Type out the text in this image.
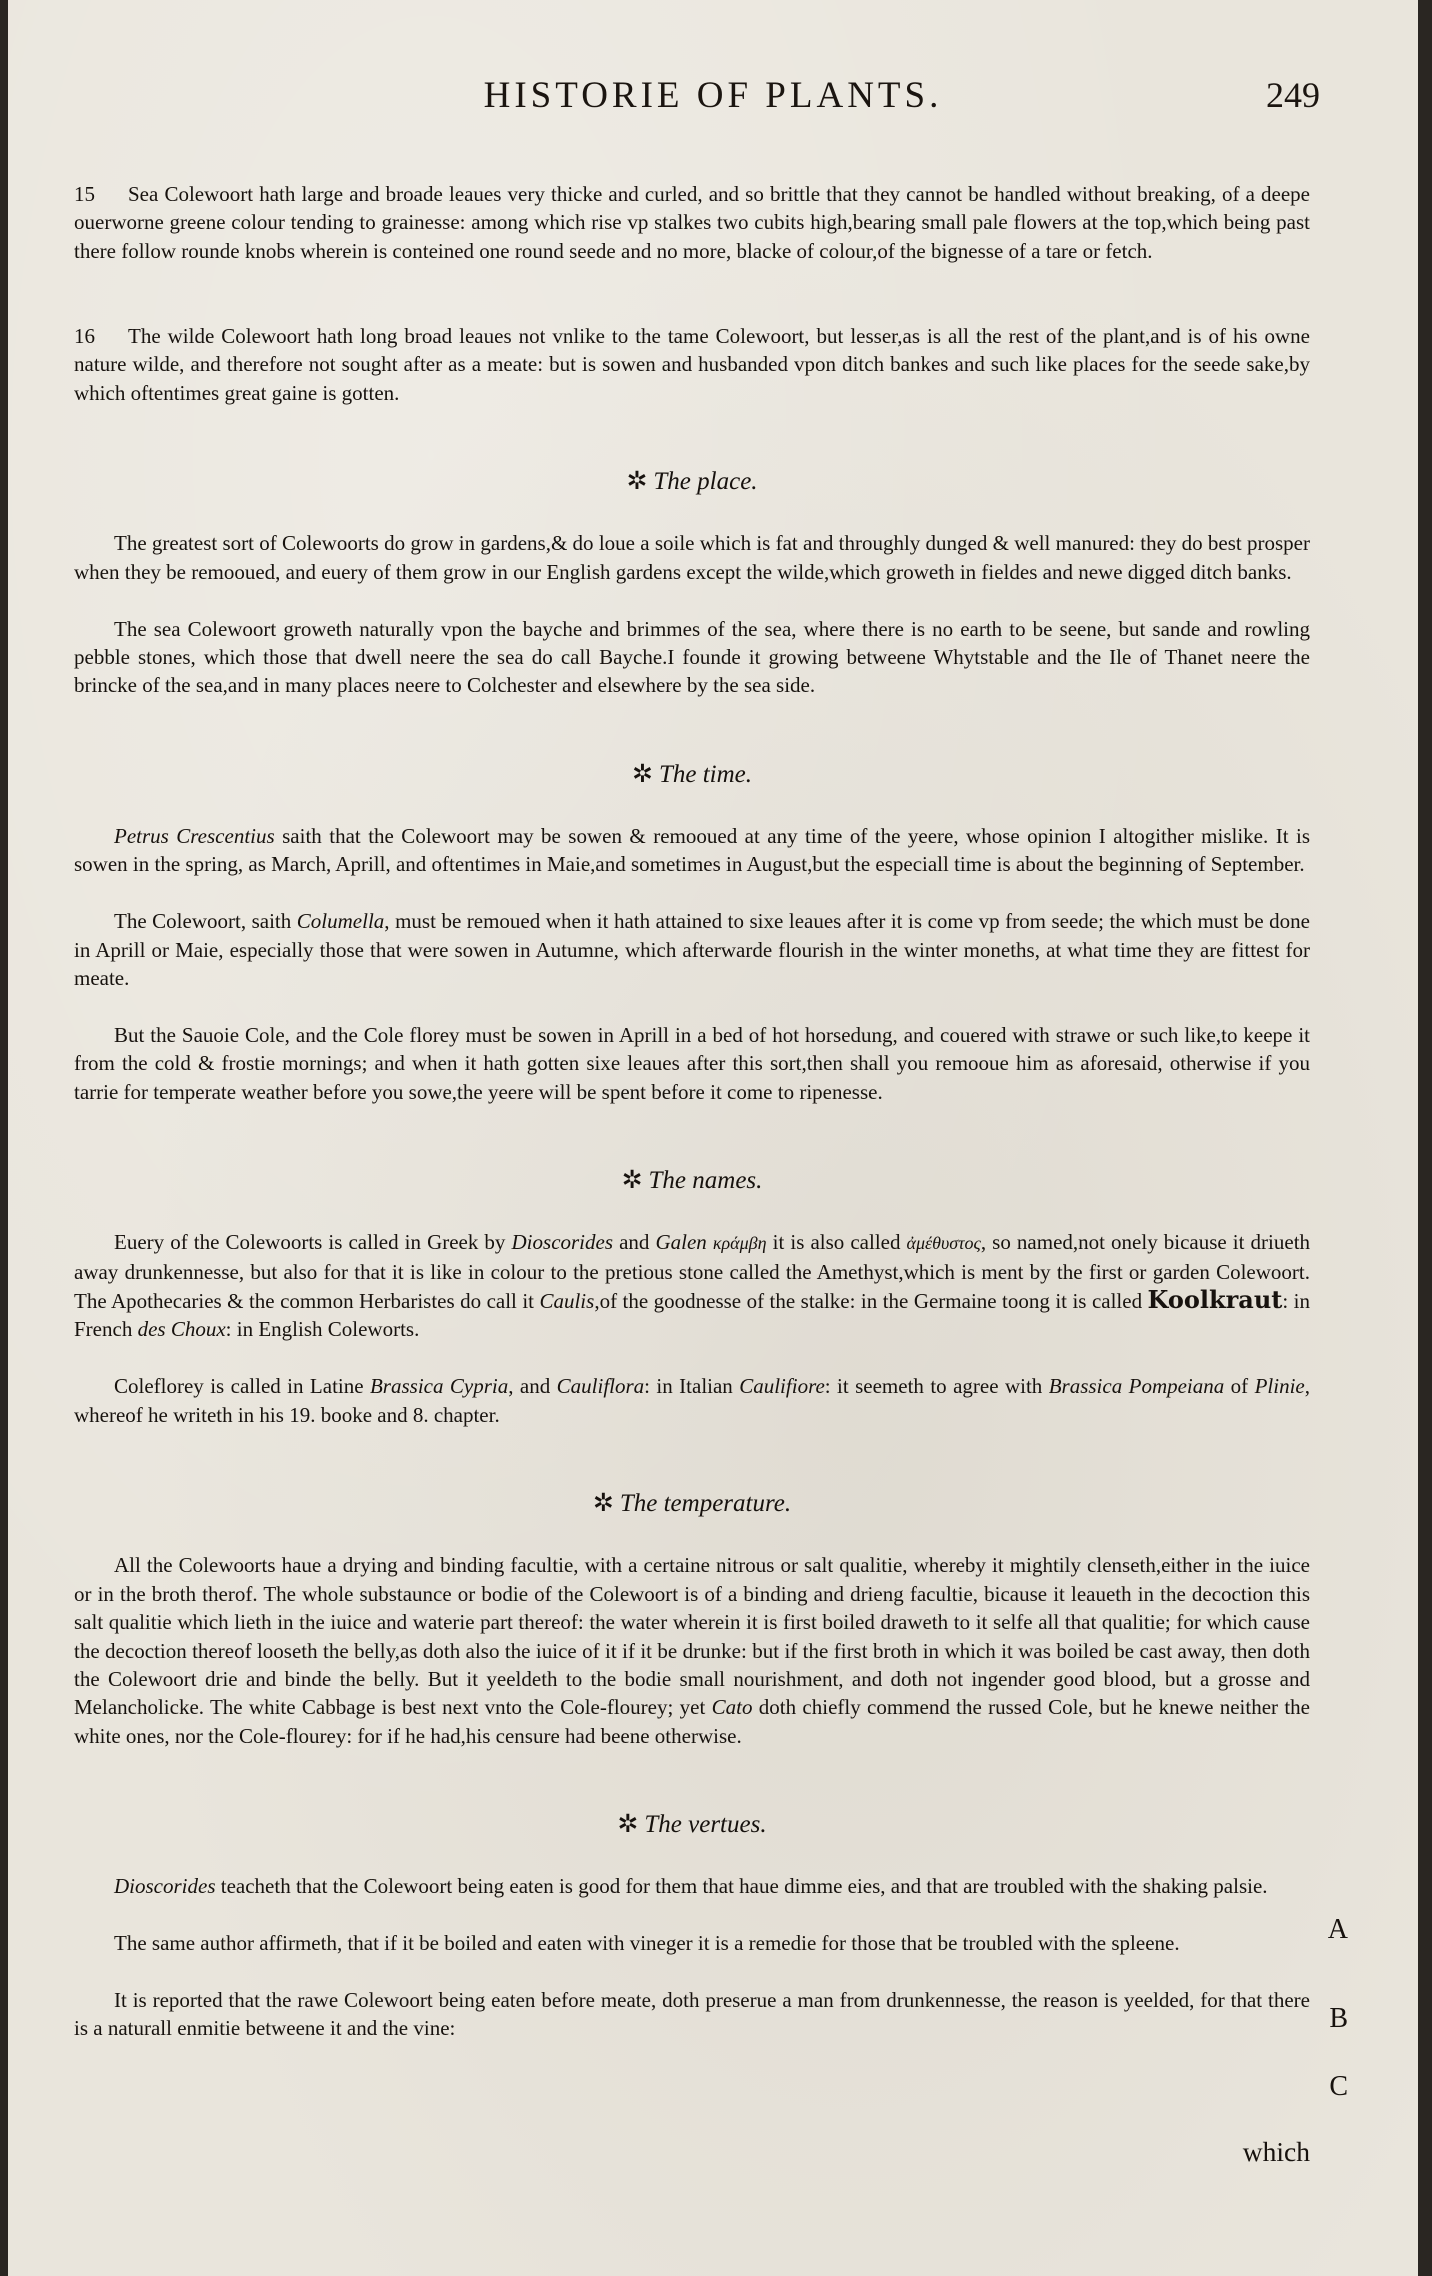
HISTORIE OF PLANTS.	249

15 Sea Colewoort hath large and broade leaues very thicke and curled, and so brittle that they cannot be handled without breaking, of a deepe ouerworne greene colour tending to grainesse: among which rise vp stalkes two cubits high,bearing small pale flowers at the top,which being past there follow rounde knobs wherein is conteined one round seede and no more, blacke of colour,of the bignesse of a tare or fetch.

16 The wilde Colewoort hath long broad leaues not vnlike to the tame Colewoort, but lesser,as is all the rest of the plant,and is of his owne nature wilde, and therefore not sought after as a meate: but is sowen and husbanded vpon ditch bankes and such like places for the seede sake,by which oftentimes great gaine is gotten.

✲ The place.

The greatest sort of Colewoorts do grow in gardens,& do loue a soile which is fat and throughly dunged & well manured: they do best prosper when they be remooued, and euery of them grow in our English gardens except the wilde,which groweth in fieldes and newe digged ditch banks.

The sea Colewoort groweth naturally vpon the bayche and brimmes of the sea, where there is no earth to be seene, but sande and rowling pebble stones, which those that dwell neere the sea do call Bayche.I founde it growing betweene Whytstable and the Ile of Thanet neere the brincke of the sea,and in many places neere to Colchester and elsewhere by the sea side.

✲ The time.

Petrus Crescentius saith that the Colewoort may be sowen & remooued at any time of the yeere, whose opinion I altogither mislike. It is sowen in the spring, as March, Aprill, and oftentimes in Maie,and sometimes in August,but the especiall time is about the beginning of September.

The Colewoort, saith Columella, must be remoued when it hath attained to sixe leaues after it is come vp from seede; the which must be done in Aprill or Maie, especially those that were sowen in Autumne, which afterwarde flourish in the winter moneths, at what time they are fittest for meate.

But the Sauoie Cole, and the Cole florey must be sowen in Aprill in a bed of hot horsedung, and couered with strawe or such like,to keepe it from the cold & frostie mornings; and when it hath gotten sixe leaues after this sort,then shall you remooue him as aforesaid, otherwise if you tarrie for temperate weather before you sowe,the yeere will be spent before it come to ripenesse.

✲ The names.

Euery of the Colewoorts is called in Greek by Dioscorides and Galen κράμβη it is also called ἀμέθυστος, so named,not onely bicause it driueth away drunkennesse, but also for that it is like in colour to the pretious stone called the Amethyst,which is ment by the first or garden Colewoort. The Apothecaries & the common Herbaristes do call it Caulis,of the goodnesse of the stalke: in the Germaine toong it is called Koolkraut: in French des Choux: in English Coleworts.

Coleflorey is called in Latine Brassica Cypria, and Cauliflora: in Italian Caulifiore: it seemeth to agree with Brassica Pompeiana of Plinie, whereof he writeth in his 19. booke and 8. chapter.

✲ The temperature.

All the Colewoorts haue a drying and binding facultie, with a certaine nitrous or salt qualitie, whereby it mightily clenseth,either in the iuice or in the broth therof. The whole substaunce or bodie of the Colewoort is of a binding and drieng facultie, bicause it leaueth in the decoction this salt qualitie which lieth in the iuice and waterie part thereof: the water wherein it is first boiled draweth to it selfe all that qualitie; for which cause the decoction thereof looseth the belly,as doth also the iuice of it if it be drunke: but if the first broth in which it was boiled be cast away, then doth the Colewoort drie and binde the belly. But it yeeldeth to the bodie small nourishment, and doth not ingender good blood, but a grosse and Melancholicke. The white Cabbage is best next vnto the Cole-flourey; yet Cato doth chiefly commend the russed Cole, but he knewe neither the white ones, nor the Cole-flourey: for if he had,his censure had beene otherwise.

✲ The vertues.

Dioscorides teacheth that the Colewoort being eaten is good for them that haue dimme eies, and that are troubled with the shaking palsie.

The same author affirmeth, that if it be boiled and eaten with vineger it is a remedie for those that be troubled with the spleene.

It is reported that the rawe Colewoort being eaten before meate, doth preserue a man from drunkennesse, the reason is yeelded, for that there is a naturall enmitie betweene it and the vine:

A
B
C
which
